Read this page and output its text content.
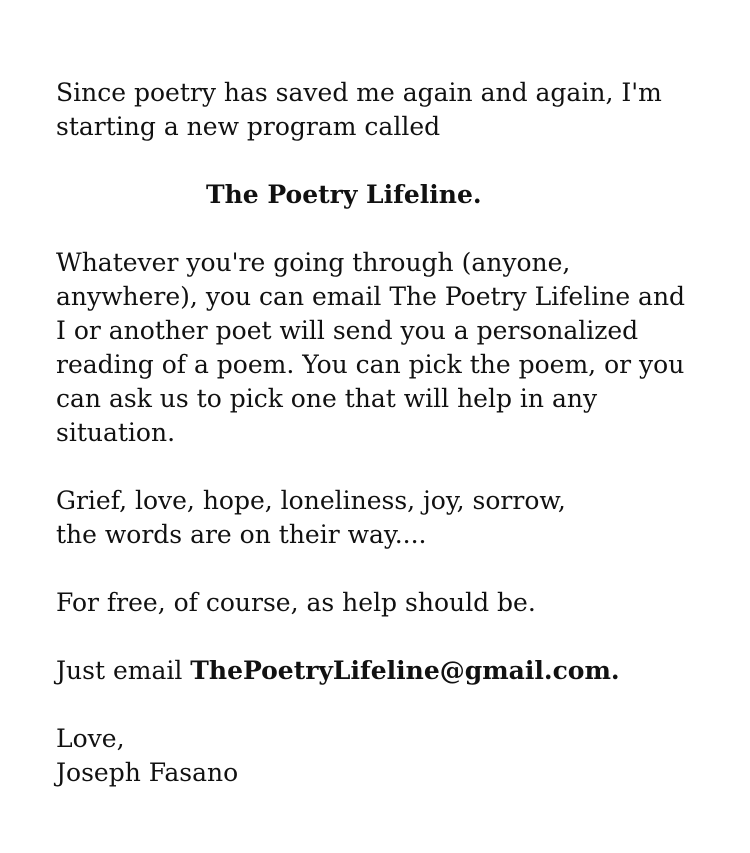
Since poetry has saved me again and again, I'm
starting a new program called

The Poetry Lifeline.

Whatever you're going through (anyone,
anywhere), you can email The Poetry Lifeline and
I or another poet will send you a personalized
reading of a poem. You can pick the poem, or you
can ask us to pick one that will help in any
situation.

Grief, love, hope, loneliness, joy, sorrow,
the words are on their way....

For free, of course, as help should be.

Just email ThePoetryLifeline@gmail.com.

Love,
Joseph Fasano
